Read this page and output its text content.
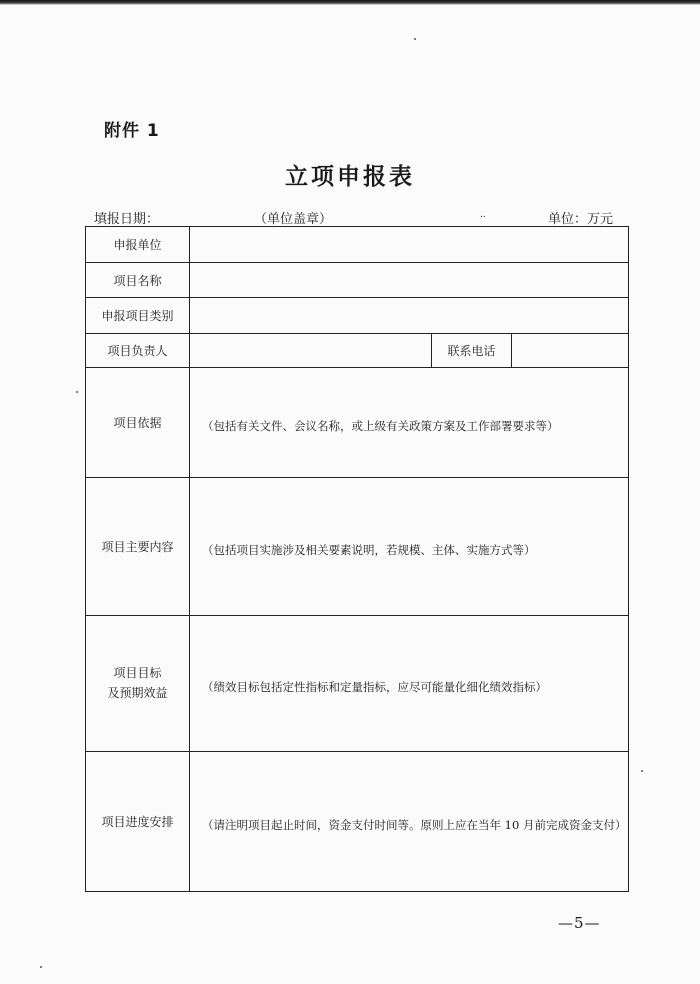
附件 1
立项申报表
填报日期：	（单位盖章）	..	单位：万元
申报单位			
项目名称			
申报项目类别			
项目负责人		联系电话	
项目依据	（包括有关文件、会议名称，或上级有关政策方案及工作部署要求等）		

项目主要内容	（包括项目实施涉及相关要素说明，若规模、主体、实施方式等）		

项目目标
及预期效益	（绩效目标包括定性指标和定量指标，应尽可能量化细化绩效指标）		

项目进度安排	（请注明项目起止时间，资金支付时间等。原则上应在当年 10 月前完成资金支付）		
—5—
